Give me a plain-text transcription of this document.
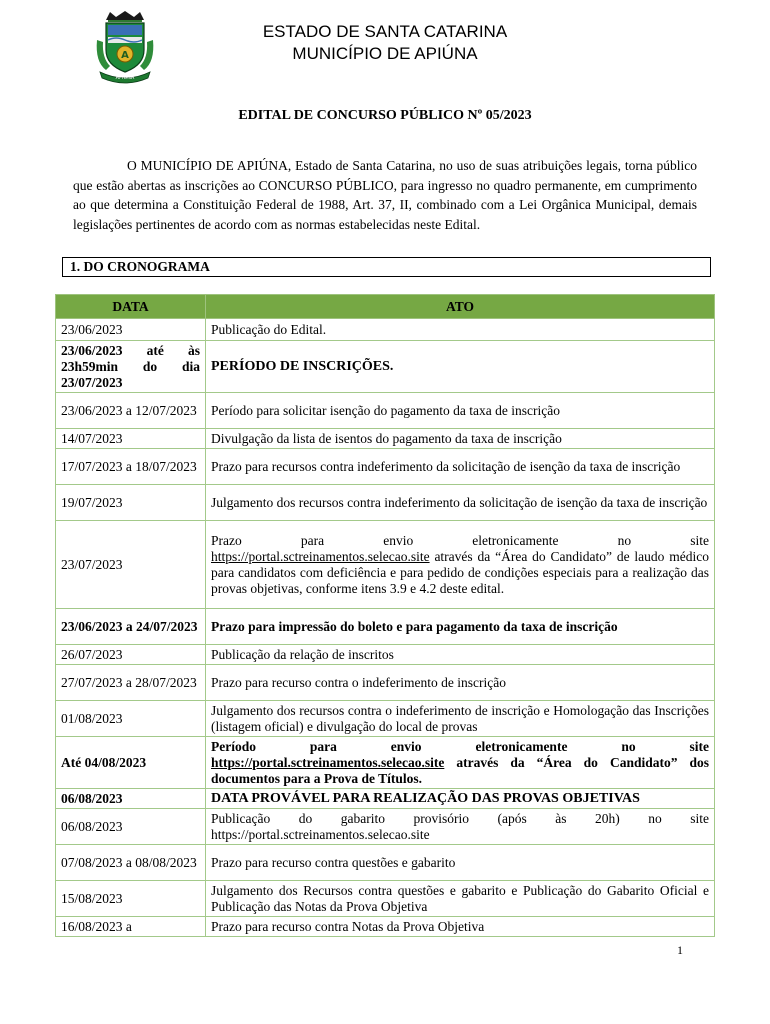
A
APIÚNA
ESTADO DE SANTA CATARINA
MUNICÍPIO DE APIÚNA
EDITAL DE CONCURSO PÚBLICO Nº 05/2023
O MUNICÍPIO DE APIÚNA, Estado de Santa Catarina, no uso de suas atribuições legais, torna público que estão abertas as inscrições ao CONCURSO PÚBLICO, para ingresso no quadro permanente, em cumprimento ao que determina a Constituição Federal de 1988, Art. 37, II, combinado com a Lei Orgânica Municipal, demais legislações pertinentes de acordo com as normas estabelecidas neste Edital.
1. DO CRONOGRAMA
DATA	ATO
23/06/2023	Publicação do Edital.
23/06/2023 até às 23h59min do dia 23/07/2023	PERÍODO DE INSCRIÇÕES.
23/06/2023 a 12/07/2023	Período para solicitar isenção do pagamento da taxa de inscrição
14/07/2023	Divulgação da lista de isentos do pagamento da taxa de inscrição
17/07/2023 a 18/07/2023	Prazo para recursos contra indeferimento da solicitação de isenção da taxa de inscrição
19/07/2023	Julgamento dos recursos contra indeferimento da solicitação de isenção da taxa de inscrição
23/07/2023	Prazo para envio eletronicamente no site
https://portal.sctreinamentos.selecao.site através da “Área do Candidato” de laudo médico para candidatos com deficiência e para pedido de condições especiais para a realização das provas objetivas, conforme itens 3.9 e 4.2 deste edital.
23/06/2023 a 24/07/2023	Prazo para impressão do boleto e para pagamento da taxa de inscrição
26/07/2023	Publicação da relação de inscritos
27/07/2023 a 28/07/2023	Prazo para recurso contra o indeferimento de inscrição
01/08/2023	Julgamento dos recursos contra o indeferimento de inscrição e Homologação das Inscrições (listagem oficial) e divulgação do local de provas
Até 04/08/2023	Período para envio eletronicamente no site
https://portal.sctreinamentos.selecao.site através da “Área do Candidato” dos documentos para a Prova de Títulos.
06/08/2023	DATA PROVÁVEL PARA REALIZAÇÃO DAS PROVAS OBJETIVAS
06/08/2023	Publicação do gabarito provisório (após às 20h) no site
https://portal.sctreinamentos.selecao.site
07/08/2023 a 08/08/2023	Prazo para recurso contra questões e gabarito
15/08/2023	Julgamento dos Recursos contra questões e gabarito e Publicação do Gabarito Oficial e Publicação das Notas da Prova Objetiva
16/08/2023 a	Prazo para recurso contra Notas da Prova Objetiva
1
